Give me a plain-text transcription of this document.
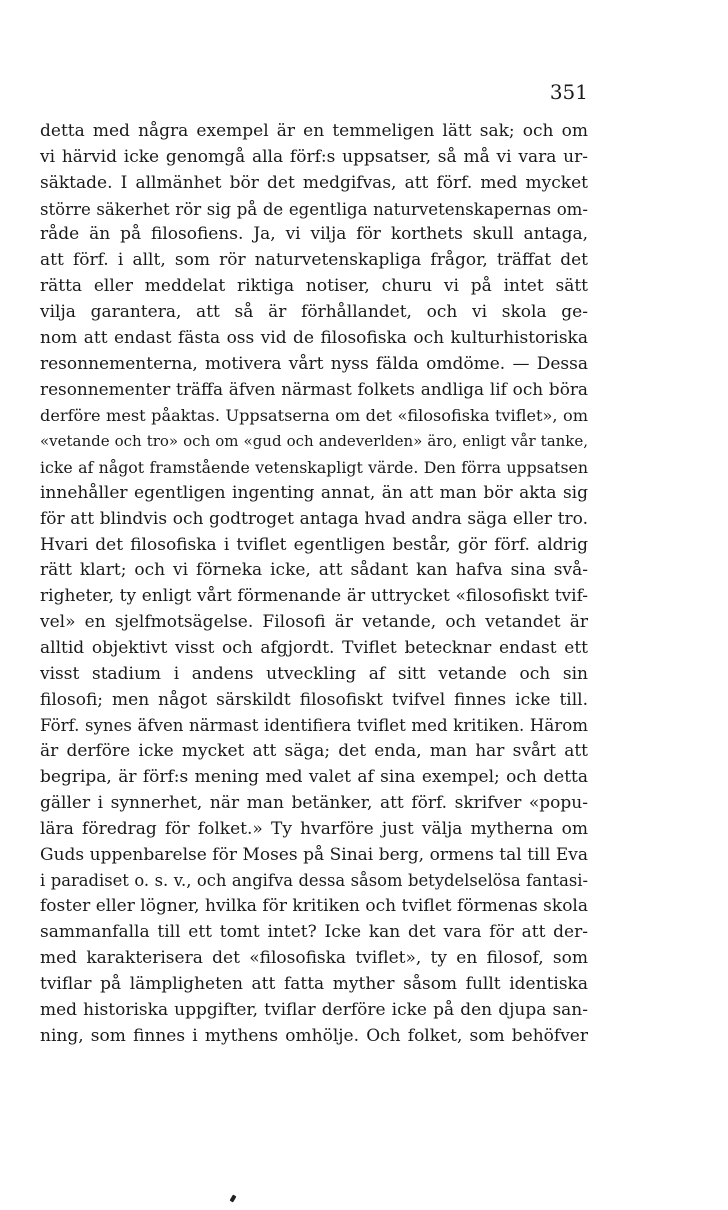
351
detta med några exempel är en temmeligen lätt sak; och om
vi härvid icke genomgå alla förf:s uppsatser, så må vi vara ur-
säktade. I allmänhet bör det medgifvas, att förf. med mycket
större säkerhet rör sig på de egentliga naturvetenskapernas om-
råde än på filosofiens. Ja, vi vilja för korthets skull antaga,
att förf. i allt, som rör naturvetenskapliga frågor, träffat det
rätta eller meddelat riktiga notiser, churu vi på intet sätt
vilja garantera, att så är förhållandet, och vi skola ge-
nom att endast fästa oss vid de filosofiska och kulturhistoriska
resonnementerna, motivera vårt nyss fälda omdöme. — Dessa
resonnementer träffa äfven närmast folkets andliga lif och böra
derföre mest påaktas. Uppsatserna om det «filosofiska tviflet», om
«vetande och tro» och om «gud och andeverlden» äro, enligt vår tanke,
icke af något framstående vetenskapligt värde. Den förra uppsatsen
innehåller egentligen ingenting annat, än att man bör akta sig
för att blindvis och godtroget antaga hvad andra säga eller tro.
Hvari det filosofiska i tviflet egentligen består, gör förf. aldrig
rätt klart; och vi förneka icke, att sådant kan hafva sina svå-
righeter, ty enligt vårt förmenande är uttrycket «filosofiskt tvif-
vel» en sjelfmotsägelse. Filosofi är vetande, och vetandet är
alltid objektivt visst och afgjordt. Tviflet betecknar endast ett
visst stadium i andens utveckling af sitt vetande och sin
filosofi; men något särskildt filosofiskt tvifvel finnes icke till.
Förf. synes äfven närmast identifiera tviflet med kritiken. Härom
är derföre icke mycket att säga; det enda, man har svårt att
begripa, är förf:s mening med valet af sina exempel; och detta
gäller i synnerhet, när man betänker, att förf. skrifver «popu-
lära föredrag för folket.» Ty hvarföre just välja mytherna om
Guds uppenbarelse för Moses på Sinai berg, ormens tal till Eva
i paradiset o. s. v., och angifva dessa såsom betydelselösa fantasi-
foster eller lögner, hvilka för kritiken och tviflet förmenas skola
sammanfalla till ett tomt intet? Icke kan det vara för att der-
med karakterisera det «filosofiska tviflet», ty en filosof, som
tviflar på lämpligheten att fatta myther såsom fullt identiska
med historiska uppgifter, tviflar derföre icke på den djupa san-
ning, som finnes i mythens omhölje. Och folket, som behöfver
